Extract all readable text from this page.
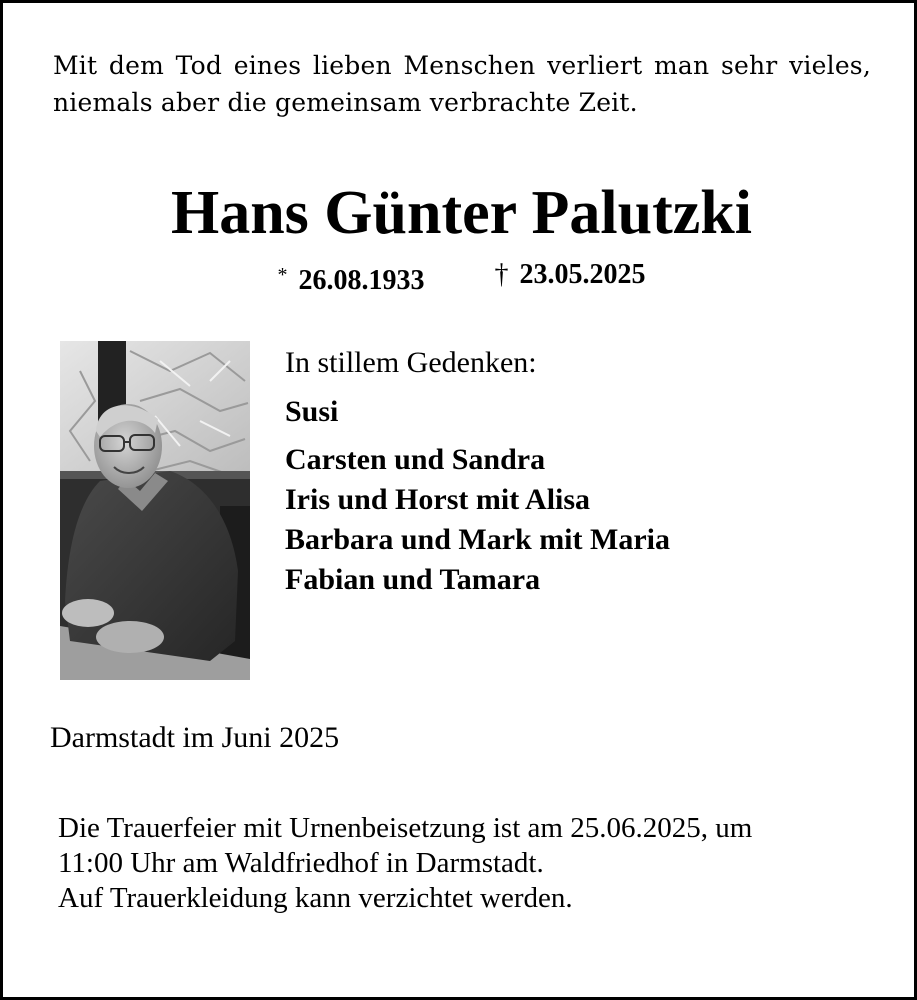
Mit dem Tod eines lieben Menschen verliert man sehr vieles, niemals aber die gemeinsam verbrachte Zeit.
Hans Günter Palutzki
* 26.08.1933	† 23.05.2025
In stillem Gedenken:
Susi
Carsten und Sandra
Iris und Horst mit Alisa
Barbara und Mark mit Maria
Fabian und Tamara
Darmstadt im Juni 2025
Die Trauerfeier mit Urnenbeisetzung ist am 25.06.2025, um
11:00 Uhr am Waldfriedhof in Darmstadt.
Auf Trauerkleidung kann verzichtet werden.
